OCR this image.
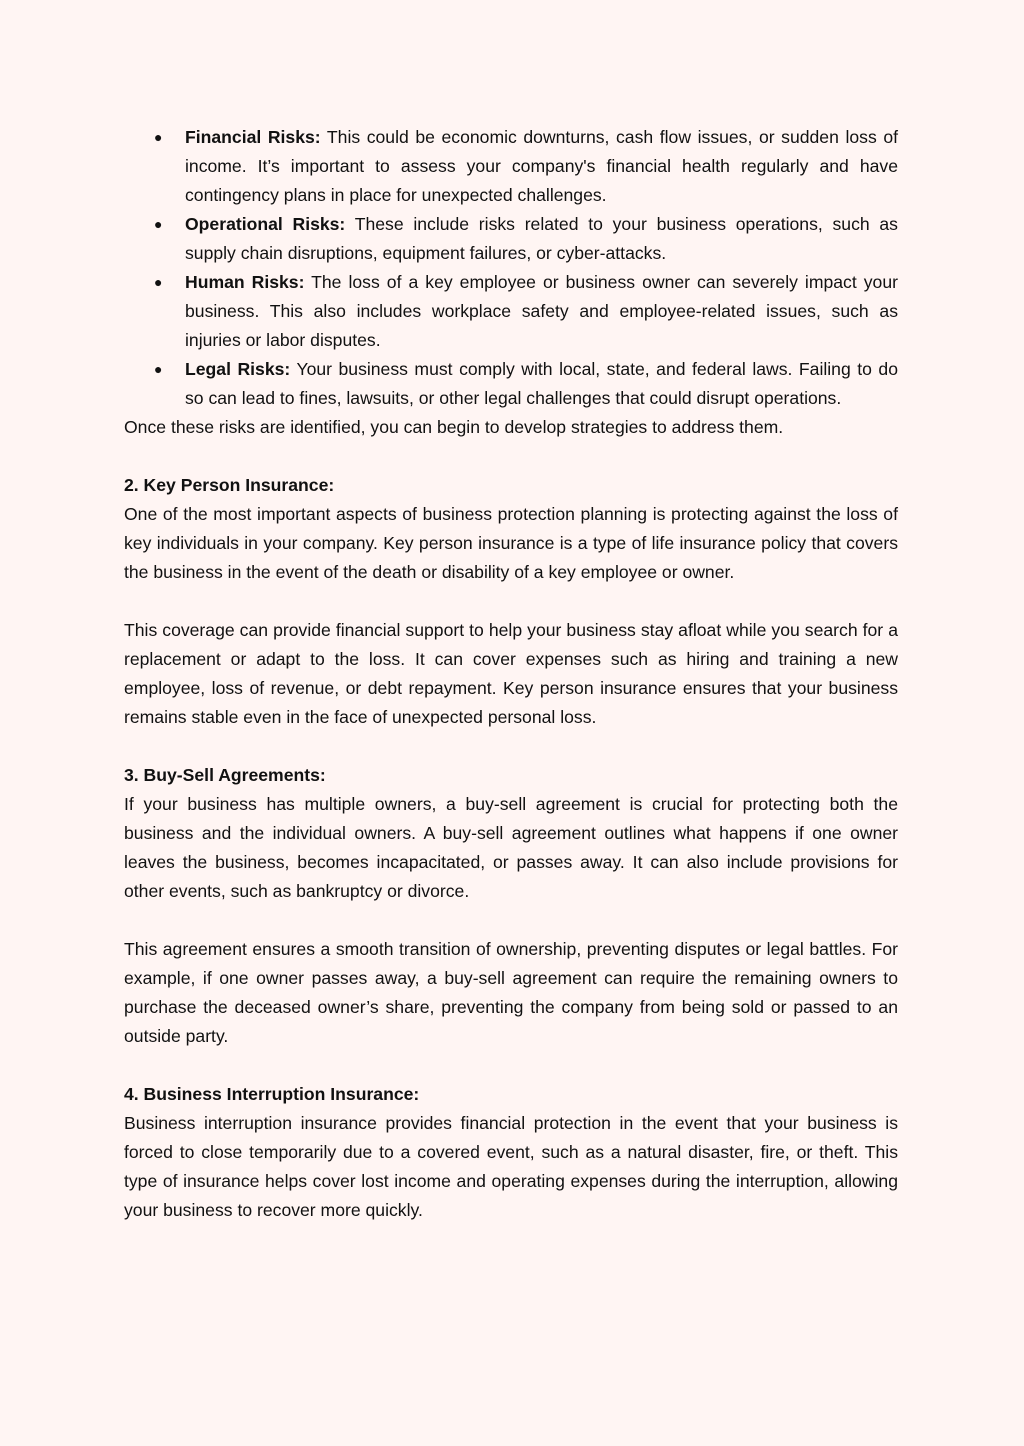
● Financial Risks: This could be economic downturns, cash flow issues, or sudden loss of income. It’s important to assess your company's financial health regularly and have contingency plans in place for unexpected challenges.
● Operational Risks: These include risks related to your business operations, such as supply chain disruptions, equipment failures, or cyber-attacks.
● Human Risks: The loss of a key employee or business owner can severely impact your business. This also includes workplace safety and employee-related issues, such as injuries or labor disputes.
● Legal Risks: Your business must comply with local, state, and federal laws. Failing to do so can lead to fines, lawsuits, or other legal challenges that could disrupt operations.

Once these risks are identified, you can begin to develop strategies to address them.

2. Key Person Insurance:

One of the most important aspects of business protection planning is protecting against the loss of key individuals in your company. Key person insurance is a type of life insurance policy that covers the business in the event of the death or disability of a key employee or owner.

This coverage can provide financial support to help your business stay afloat while you search for a replacement or adapt to the loss. It can cover expenses such as hiring and training a new employee, loss of revenue, or debt repayment. Key person insurance ensures that your business remains stable even in the face of unexpected personal loss.

3. Buy-Sell Agreements:

If your business has multiple owners, a buy-sell agreement is crucial for protecting both the business and the individual owners. A buy-sell agreement outlines what happens if one owner leaves the business, becomes incapacitated, or passes away. It can also include provisions for other events, such as bankruptcy or divorce.

This agreement ensures a smooth transition of ownership, preventing disputes or legal battles. For example, if one owner passes away, a buy-sell agreement can require the remaining owners to purchase the deceased owner’s share, preventing the company from being sold or passed to an outside party.

4. Business Interruption Insurance:

Business interruption insurance provides financial protection in the event that your business is forced to close temporarily due to a covered event, such as a natural disaster, fire, or theft. This type of insurance helps cover lost income and operating expenses during the interruption, allowing your business to recover more quickly.
